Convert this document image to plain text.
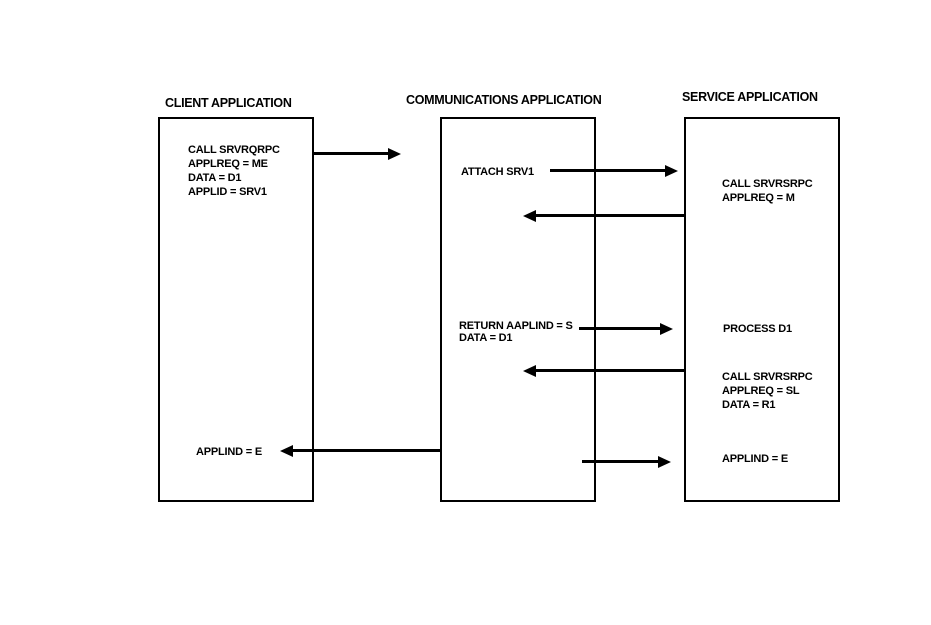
CLIENT APPLICATION	COMMUNICATIONS APPLICATION	SERVICE APPLICATION
CALL SRVRQRPC
APPLREQ = ME
DATA = D1
APPLID = SRV1
APPLIND = E
ATTACH SRV1
RETURN AAPLIND = S
DATA = D1
CALL SRVRSRPC
APPLREQ = M
PROCESS D1
CALL SRVRSRPC
APPLREQ = SL
DATA = R1
APPLIND = E
